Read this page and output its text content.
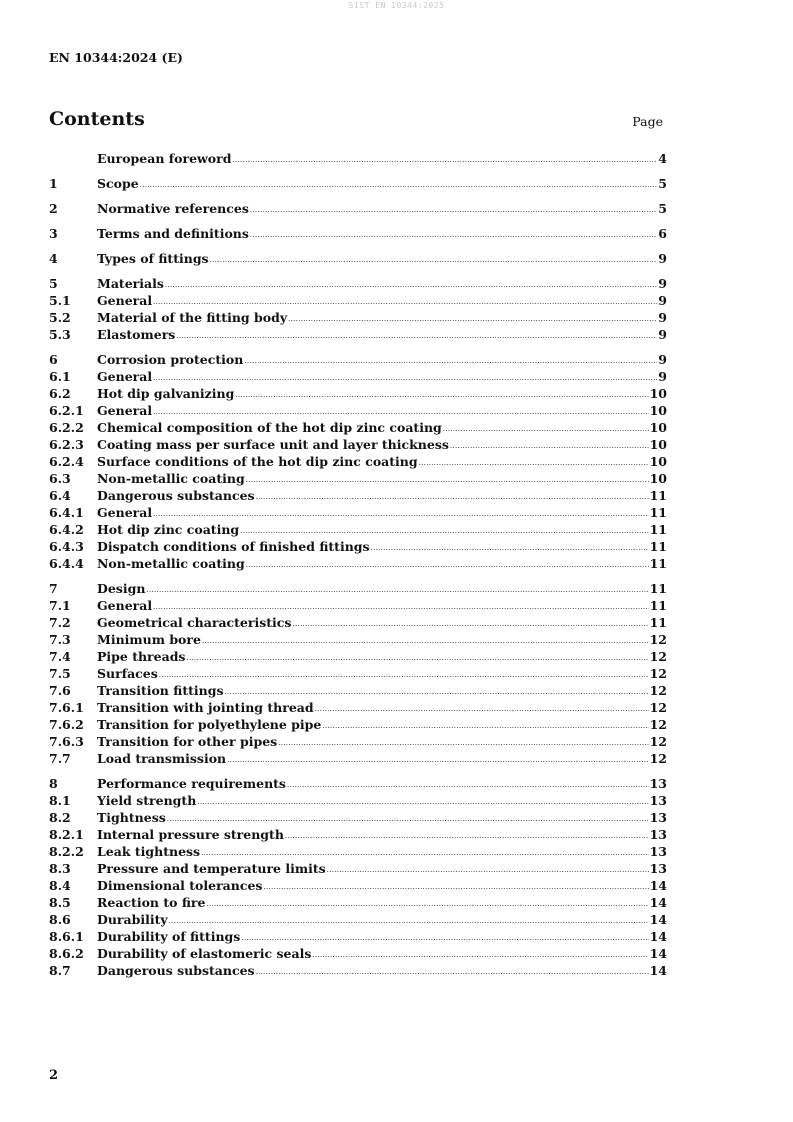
SIST EN 10344:2025
EN 10344:2024 (E)
Contents	Page
European foreword .....	4
1	Scope .....	5
2	Normative references .....	5
3	Terms and definitions .....	6
4	Types of fittings .....	9
5	Materials .....	9
5.1	General .....	9
5.2	Material of the fitting body .....	9
5.3	Elastomers .....	9
6	Corrosion protection .....	9
6.1	General .....	9
6.2	Hot dip galvanizing .....	10
6.2.1	General .....	10
6.2.2	Chemical composition of the hot dip zinc coating .....	10
6.2.3	Coating mass per surface unit and layer thickness .....	10
6.2.4	Surface conditions of the hot dip zinc coating .....	10
6.3	Non-metallic coating .....	10
6.4	Dangerous substances .....	11
6.4.1	General .....	11
6.4.2	Hot dip zinc coating .....	11
6.4.3	Dispatch conditions of finished fittings .....	11
6.4.4	Non-metallic coating .....	11
7	Design .....	11
7.1	General .....	11
7.2	Geometrical characteristics .....	11
7.3	Minimum bore .....	12
7.4	Pipe threads .....	12
7.5	Surfaces .....	12
7.6	Transition fittings .....	12
7.6.1	Transition with jointing thread .....	12
7.6.2	Transition for polyethylene pipe .....	12
7.6.3	Transition for other pipes .....	12
7.7	Load transmission .....	12
8	Performance requirements .....	13
8.1	Yield strength .....	13
8.2	Tightness .....	13
8.2.1	Internal pressure strength .....	13
8.2.2	Leak tightness .....	13
8.3	Pressure and temperature limits .....	13
8.4	Dimensional tolerances .....	14
8.5	Reaction to fire .....	14
8.6	Durability .....	14
8.6.1	Durability of fittings .....	14
8.6.2	Durability of elastomeric seals .....	14
8.7	Dangerous substances .....	14
2
